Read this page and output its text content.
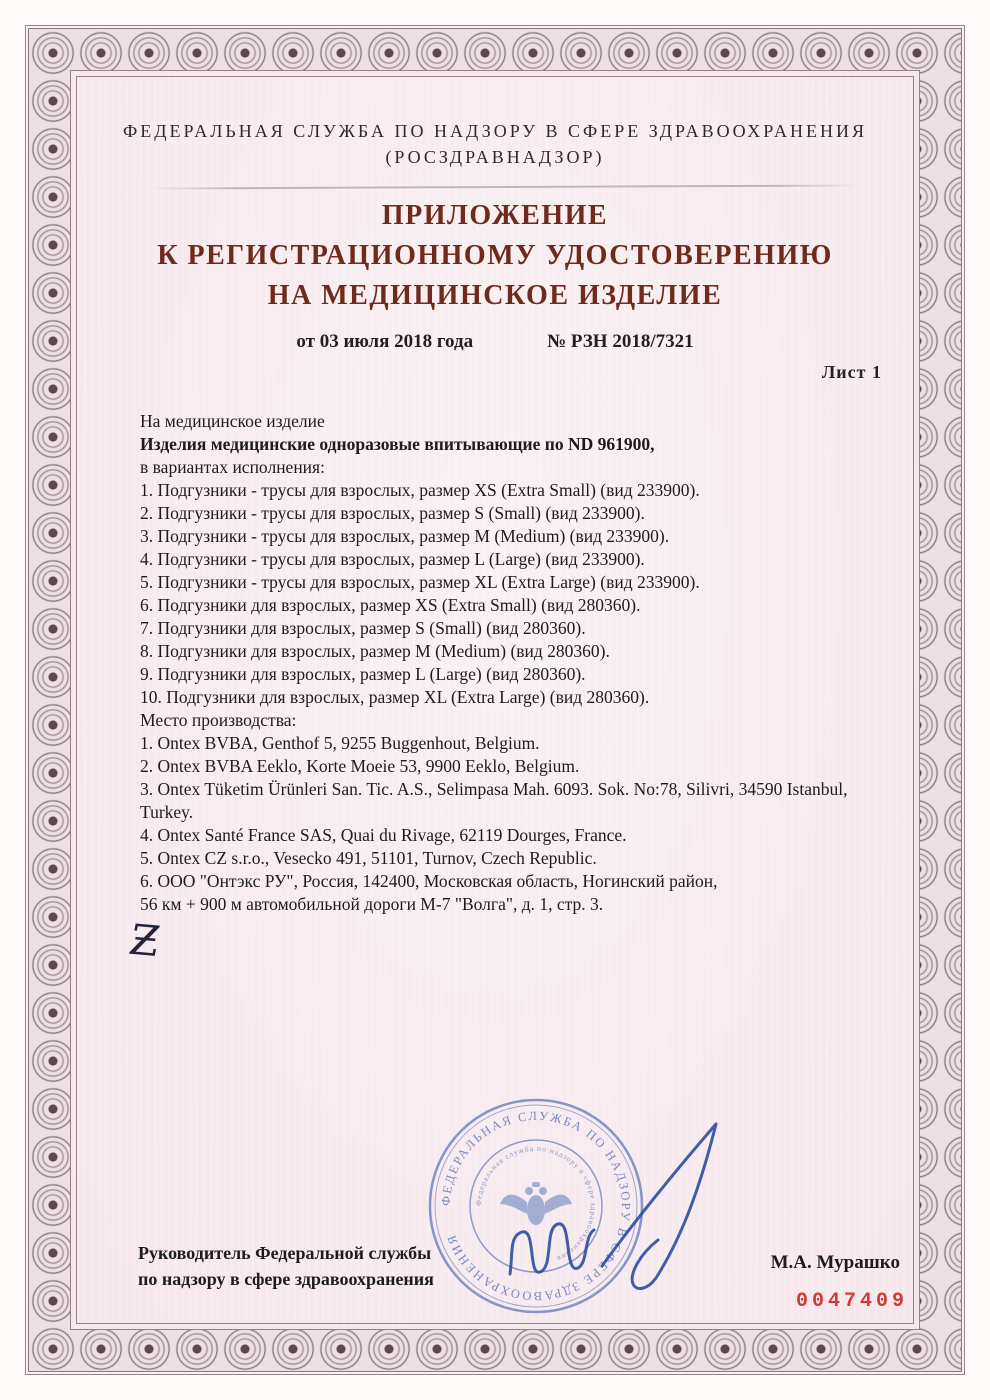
ФЕДЕРАЛЬНАЯ СЛУЖБА ПО НАДЗОРУ В СФЕРЕ ЗДРАВООХРАНЕНИЯ
(РОСЗДРАВНАДЗОР)
ПРИЛОЖЕНИЕ
К РЕГИСТРАЦИОННОМУ УДОСТОВЕРЕНИЮ
НА МЕДИЦИНСКОЕ ИЗДЕЛИЕ
от 03 июля 2018 года	№ РЗН 2018/7321
Лист 1
На медицинское изделие
Изделия медицинские одноразовые впитывающие по ND 961900,
в вариантах исполнения:
1. Подгузники - трусы для взрослых, размер XS (Extra Small) (вид 233900).
2. Подгузники - трусы для взрослых, размер S (Small) (вид 233900).
3. Подгузники - трусы для взрослых, размер M (Medium) (вид 233900).
4. Подгузники - трусы для взрослых, размер L (Large) (вид 233900).
5. Подгузники - трусы для взрослых, размер XL (Extra Large) (вид 233900).
6. Подгузники для взрослых, размер XS (Extra Small) (вид 280360).
7. Подгузники для взрослых, размер S (Small) (вид 280360).
8. Подгузники для взрослых, размер M (Medium) (вид 280360).
9. Подгузники для взрослых, размер L (Large) (вид 280360).
10. Подгузники для взрослых, размер XL (Extra Large) (вид 280360).
Место производства:
1. Ontex BVBA, Genthof 5, 9255 Buggenhout, Belgium.
2. Ontex BVBA Eeklo, Korte Moeie 53, 9900 Eeklo, Belgium.
3. Ontex Tüketim Ürünleri San. Tic. A.S., Selimpasa Mah. 6093. Sok. No:78, Silivri, 34590 Istanbul, Turkey.
4. Ontex Santé France SAS, Quai du Rivage, 62119 Dourges, France.
5. Ontex CZ s.r.o., Vesecko 491, 51101, Turnov, Czech Republic.
6. ООО "Онтэкс РУ", Россия, 142400, Московская область, Ногинский район,
56 км + 900 м автомобильной дороги М-7 "Волга", д. 1, стр. 3.
Ƶ
ФЕДЕРАЛЬНАЯ СЛУЖБА ПО НАДЗОРУ В СФЕРЕ ЗДРАВООХРАНЕНИЯ
Федеральная служба по надзору в сфере здравоохранения
Руководитель Федеральной службы
по надзору в сфере здравоохранения
М.А. Мурашко
0047409
